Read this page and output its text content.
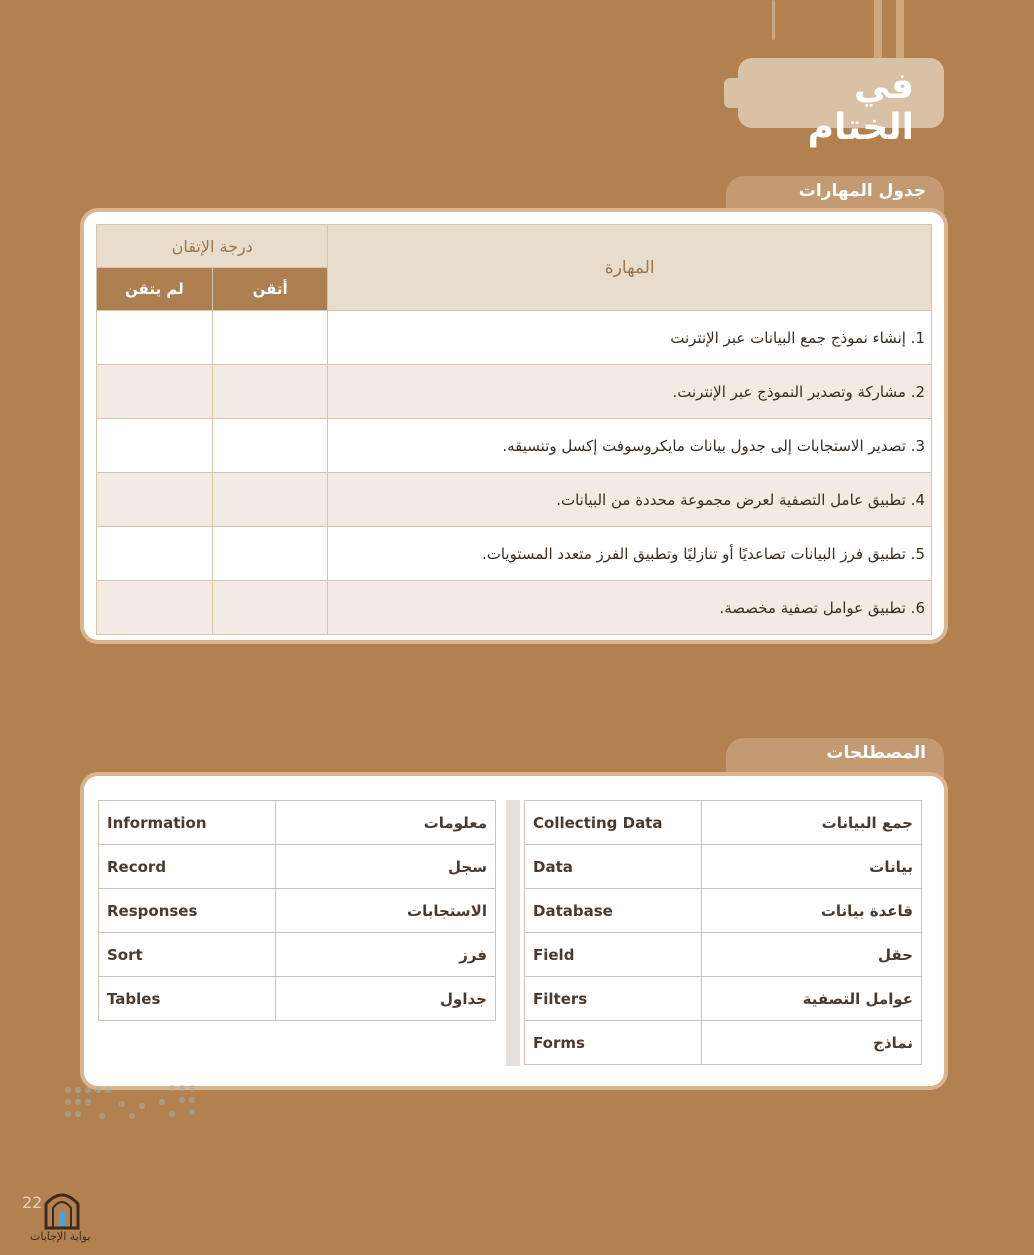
في الختام
جدول المهارات
المهارة	درجة الإتقان	
	أتقن	لم يتقن
1. إنشاء نموذج جمع البيانات عبر الإنترنت		
2. مشاركة وتصدير النموذج عبر الإنترنت.		
3. تصدير الاستجابات إلى جدول بيانات مايكروسوفت إكسل وتنسيقه.		
4. تطبيق عامل التصفية لعرض مجموعة محددة من البيانات.		
5. تطبيق فرز البيانات تصاعديًا أو تنازليًا وتطبيق الفرز متعدد المستويات.		
6. تطبيق عوامل تصفية مخصصة.		
المصطلحات
Information	معلومات
Record	سجل
Responses	الاستجابات
Sort	فرز
Tables	جداول
Collecting Data	جمع البيانات
Data	بيانات
Database	قاعدة بيانات
Field	حقل
Filters	عوامل التصفية
Forms	نماذج
22
بوابة الإجابات
